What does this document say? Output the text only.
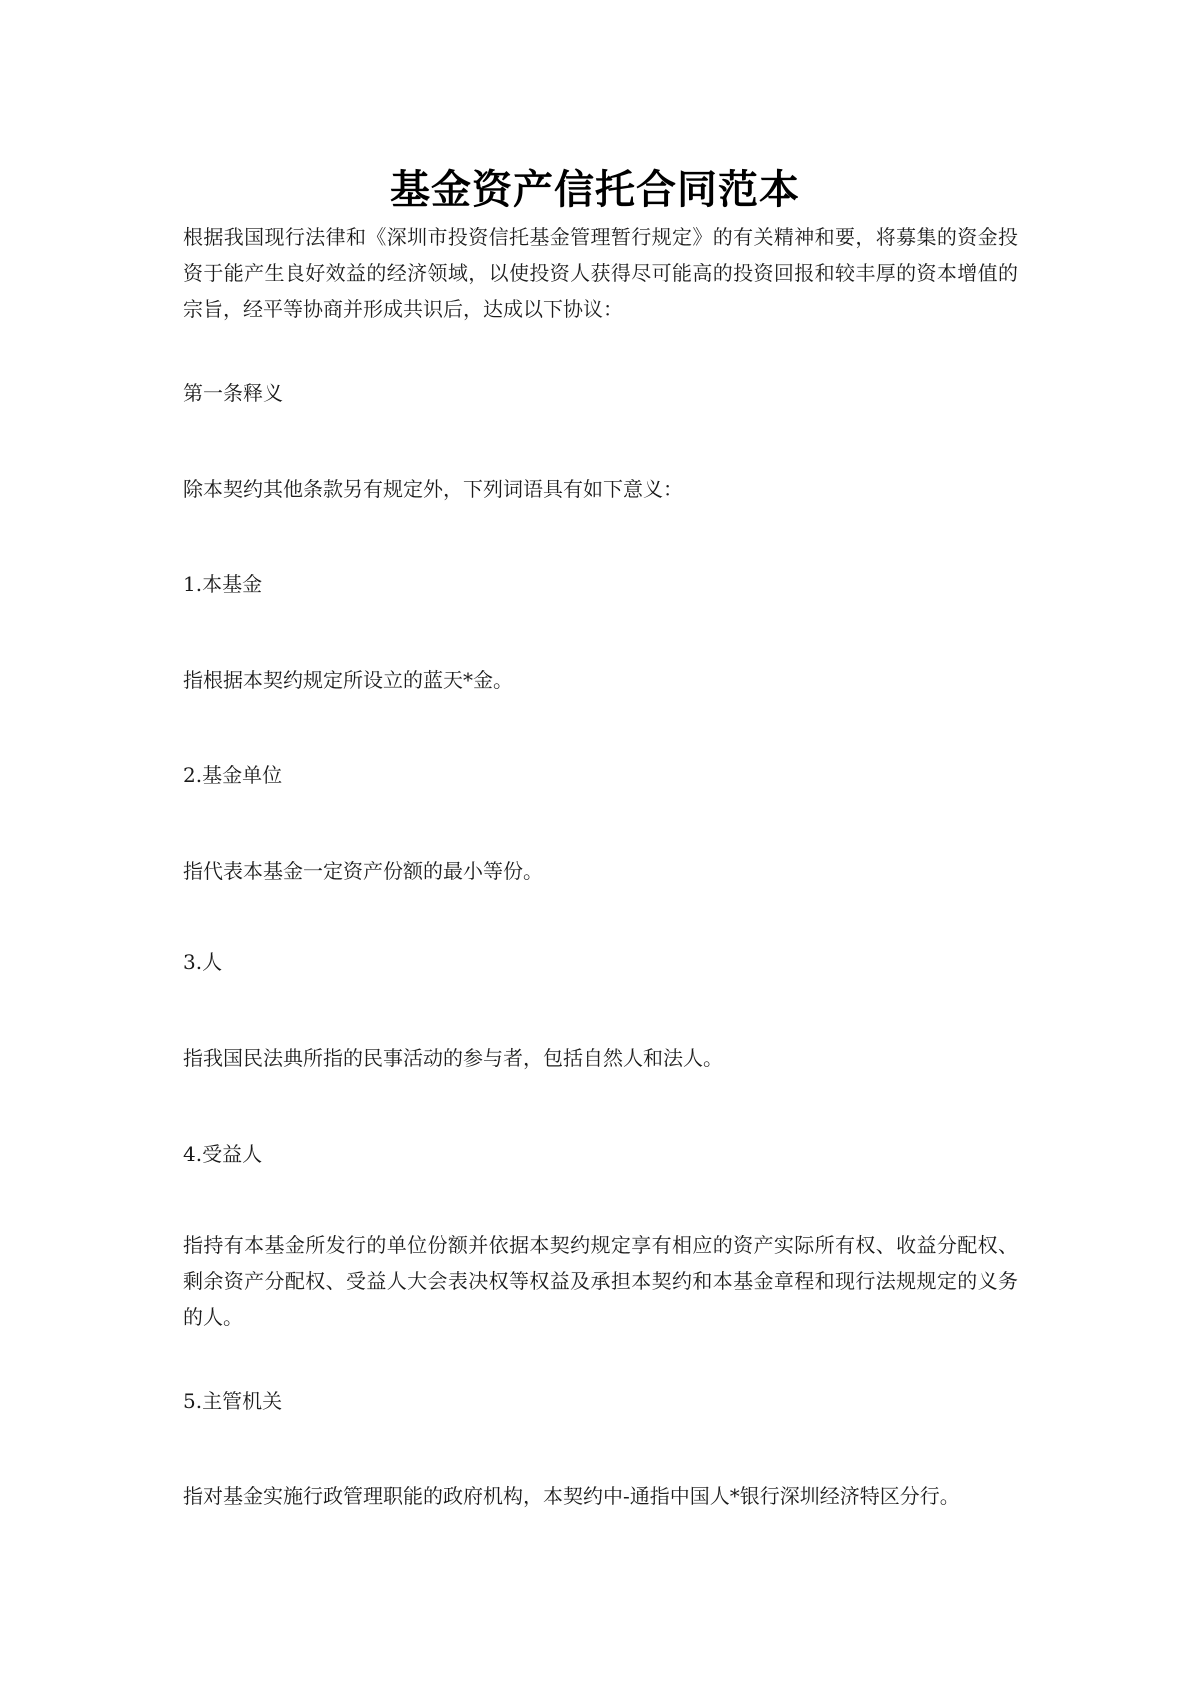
基金资产信托合同范本
根据我国现行法律和《深圳市投资信托基金管理暂行规定》的有关精神和要，将募集的资金投资于能产生良好效益的经济领域，以使投资人获得尽可能高的投资回报和较丰厚的资本增值的宗旨，经平等协商并形成共识后，达成以下协议：
第一条释义
除本契约其他条款另有规定外，下列词语具有如下意义：
1.本基金
指根据本契约规定所设立的蓝天*金。
2.基金单位
指代表本基金一定资产份额的最小等份。
3.人
指我国民法典所指的民事活动的参与者，包括自然人和法人。
4.受益人
指持有本基金所发行的单位份额并依据本契约规定享有相应的资产实际所有权、收益分配权、剩余资产分配权、受益人大会表决权等权益及承担本契约和本基金章程和现行法规规定的义务的人。
5.主管机关
指对基金实施行政管理职能的政府机构，本契约中-通指中国人*银行深圳经济特区分行。
